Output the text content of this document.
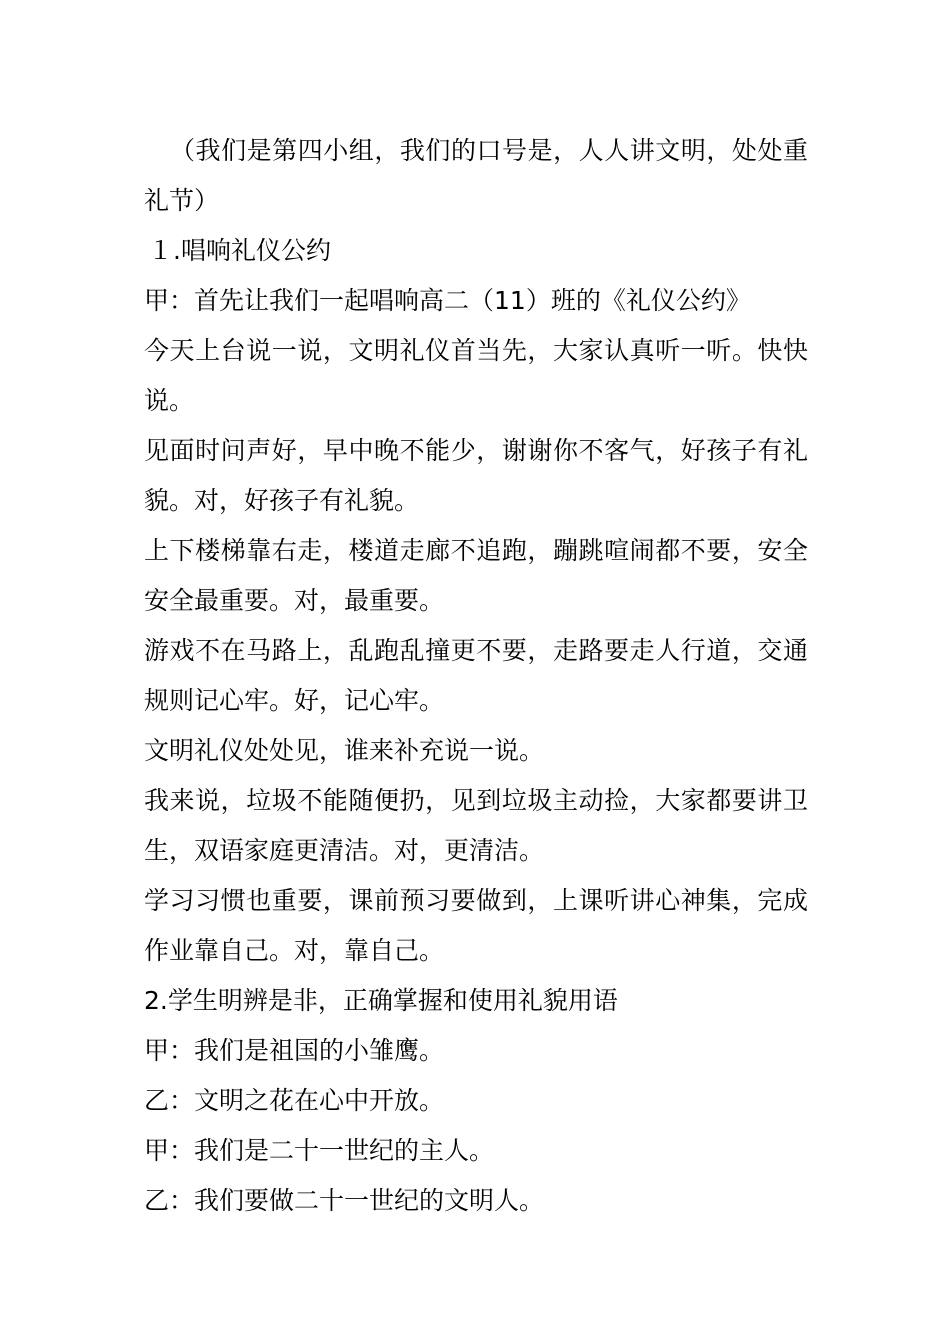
（我们是第四小组，我们的口号是，人人讲文明，处处重礼节）

１.唱响礼仪公约

甲：首先让我们一起唱响高二（11）班的《礼仪公约》

今天上台说一说，文明礼仪首当先，大家认真听一听。快快说。

见面时问声好，早中晚不能少，谢谢你不客气，好孩子有礼貌。对，好孩子有礼貌。

上下楼梯靠右走，楼道走廊不追跑，蹦跳喧闹都不要，安全安全最重要。对，最重要。

游戏不在马路上，乱跑乱撞更不要，走路要走人行道，交通规则记心牢。好，记心牢。

文明礼仪处处见，谁来补充说一说。

我来说，垃圾不能随便扔，见到垃圾主动捡，大家都要讲卫生，双语家庭更清洁。对，更清洁。

学习习惯也重要，课前预习要做到，上课听讲心神集，完成作业靠自己。对，靠自己。

2.学生明辨是非，正确掌握和使用礼貌用语

甲：我们是祖国的小雏鹰。

乙：文明之花在心中开放。

甲：我们是二十一世纪的主人。

乙：我们要做二十一世纪的文明人。
